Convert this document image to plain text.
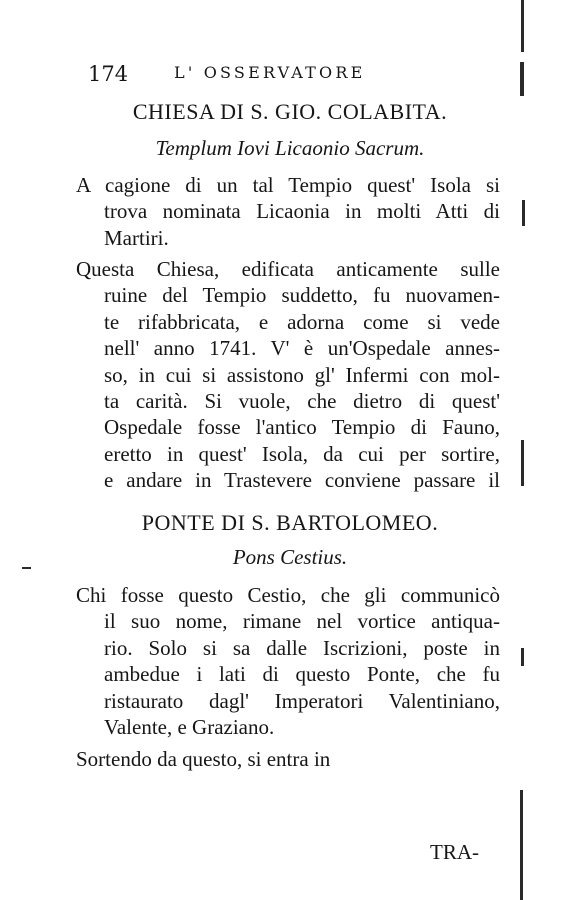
174	L' OSSERVATORE
CHIESA DI S. GIO. COLABITA.
Templum Iovi Licaonio Sacrum.
A cagione di un tal Tempio quest' Isola si
trova nominata Licaonia in molti Atti di
Martiri.
Questa Chiesa, edificata anticamente sulle
ruine del Tempio suddetto, fu nuovamen-
te rifabbricata, e adorna come si vede
nell' anno 1741. V' è un'Ospedale annes-
so, in cui si assistono gl' Infermi con mol-
ta carità. Si vuole, che dietro di quest'
Ospedale fosse l'antico Tempio di Fauno,
eretto in quest' Isola, da cui per sortire,
e andare in Trastevere conviene passare il
PONTE DI S. BARTOLOMEO.
Pons Cestius.
Chi fosse questo Cestio, che gli communicò
il suo nome, rimane nel vortice antiqua-
rio. Solo si sa dalle Iscrizioni, poste in
ambedue i lati di questo Ponte, che fu
ristaurato dagl' Imperatori Valentiniano,
Valente, e Graziano.
Sortendo da questo, si entra in
TRA-
